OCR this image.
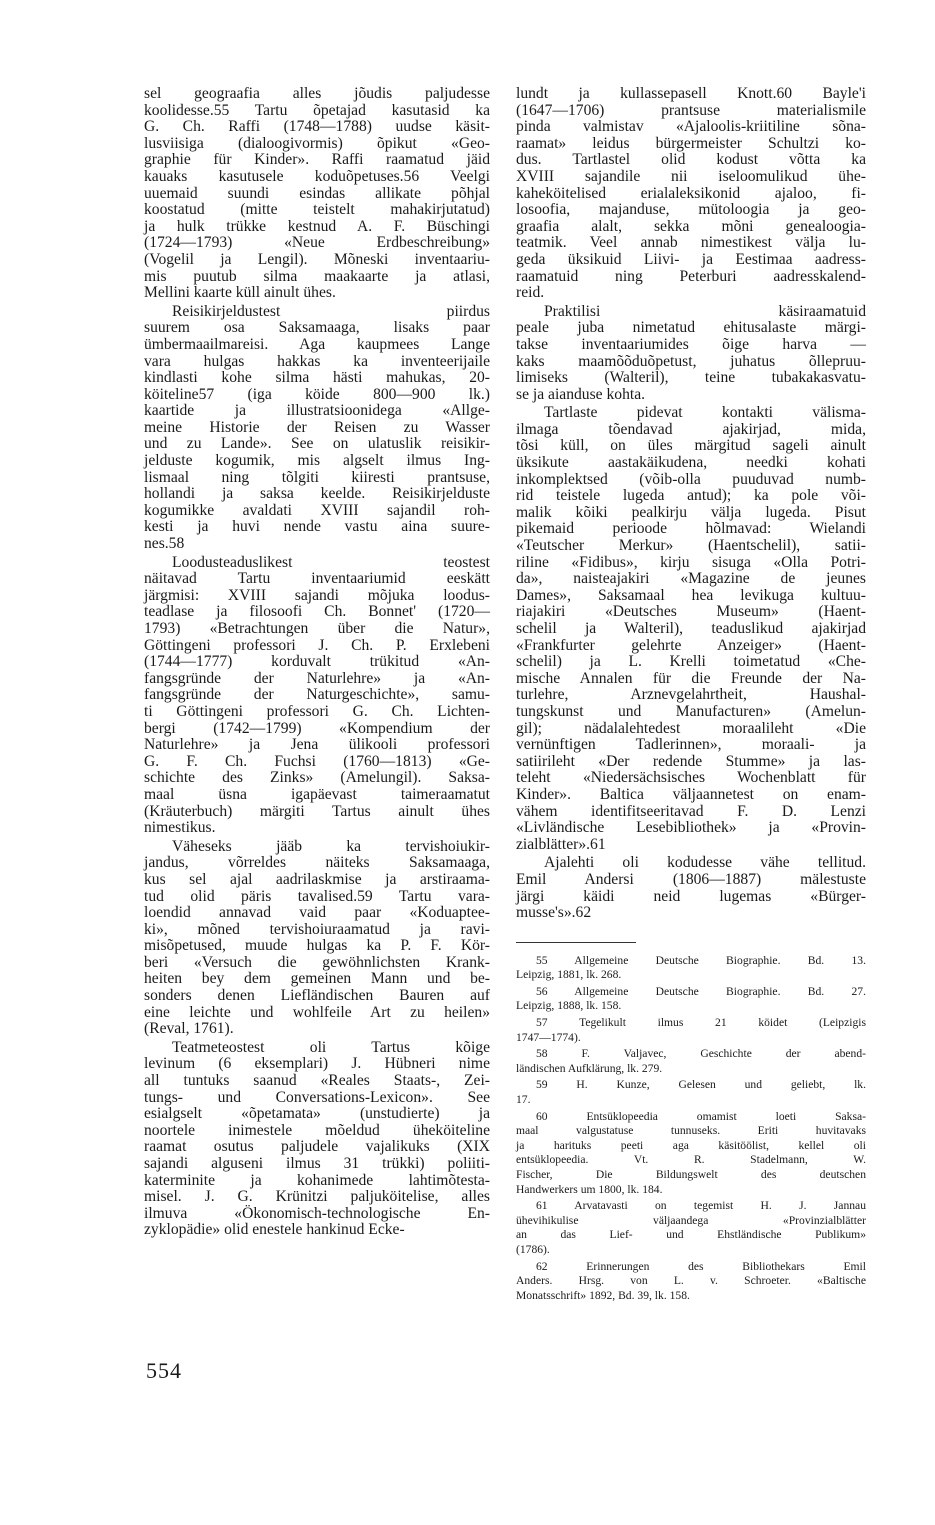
sel geograafia alles jõudis paljudesse
koolidesse.55 Tartu õpetajad kasutasid ka
G. Ch. Raffi (1748—1788) uudse käsit-
lusviisiga (dialoogivormis) õpikut «Geo-
graphie für Kinder». Raffi raamatud jäid
kauaks kasutusele koduõpetuses.56 Veelgi
uuemaid suundi esindas allikate põhjal
koostatud (mitte teistelt mahakirjutatud)
ja hulk trükke kestnud A. F. Büschingi
(1724—1793) «Neue Erdbeschreibung»
(Vogelil ja Lengil). Mõneski inventaariu-
mis puutub silma maakaarte ja atlasi,
Mellini kaarte küll ainult ühes.
Reisikirjeldustest piirdus
suurem osa Saksamaaga, lisaks paar
ümbermaailmareisi. Aga kaupmees Lange
vara hulgas hakkas ka inventeerijaile
kindlasti kohe silma hästi mahukas, 20-
köiteline57 (iga köide 800—900 lk.)
kaartide ja illustratsioonidega «Allge-
meine Historie der Reisen zu Wasser
und zu Lande». See on ulatuslik reisikir-
jelduste kogumik, mis algselt ilmus Ing-
lismaal ning tõlgiti kiiresti prantsuse,
hollandi ja saksa keelde. Reisikirjelduste
kogumikke avaldati XVIII sajandil roh-
kesti ja huvi nende vastu aina suure-
nes.58
Loodusteaduslikest teostest
näitavad Tartu inventaariumid eeskätt
järgmisi: XVIII sajandi mõjuka loodus-
teadlase ja filosoofi Ch. Bonnet' (1720—
1793) «Betrachtungen über die Natur»,
Göttingeni professori J. Ch. P. Erxlebeni
(1744—1777) korduvalt trükitud «An-
fangsgründe der Naturlehre» ja «An-
fangsgründe der Naturgeschichte», samu-
ti Göttingeni professori G. Ch. Lichten-
bergi (1742—1799) «Kompendium der
Naturlehre» ja Jena ülikooli professori
G. F. Ch. Fuchsi (1760—1813) «Ge-
schichte des Zinks» (Amelungil). Saksa-
maal üsna igapäevast taimeraamatut
(Kräuterbuch) märgiti Tartus ainult ühes
nimestikus.
Väheseks jääb ka tervishoiukir-
jandus, võrreldes näiteks Saksamaaga,
kus sel ajal aadrilaskmise ja arstiraama-
tud olid päris tavalised.59 Tartu vara-
loendid annavad vaid paar «Koduaptee-
ki», mõned tervishoiuraamatud ja ravi-
misõpetused, muude hulgas ka P. F. Kör-
beri «Versuch die gewöhnlichsten Krank-
heiten bey dem gemeinen Mann und be-
sonders denen Liefländischen Bauren auf
eine leichte und wohlfeile Art zu heilen»
(Reval, 1761).
Teatmeteostest oli Tartus kõige
levinum (6 eksemplari) J. Hübneri nime
all tuntuks saanud «Reales Staats-, Zei-
tungs- und Conversations-Lexicon». See
esialgselt «õpetamata» (unstudierte) ja
noortele inimestele mõeldud üheköiteline
raamat osutus paljudele vajalikuks (XIX
sajandi alguseni ilmus 31 trükki) poliiti-
katerminite ja kohanimede lahtimõtesta-
misel. J. G. Krünitzi paljuköitelise, alles
ilmuva «Ökonomisch-technologische En-
zyklopädie» olid enestele hankinud Ecke-
lundt ja kullassepasell Knott.60 Bayle'i
(1647—1706) prantsuse materialismile
pinda valmistav «Ajaloolis-kriitiline sõna-
raamat» leidus bürgermeister Schultzi ko-
dus. Tartlastel olid kodust võtta ka
XVIII sajandile nii iseloomulikud ühe-
kaheköitelised erialaleksikonid ajaloo, fi-
losoofia, majanduse, mütoloogia ja geo-
graafia alalt, sekka mõni genealoogia-
teatmik. Veel annab nimestikest välja lu-
geda üksikuid Liivi- ja Eestimaa aadress-
raamatuid ning Peterburi aadresskalend-
reid.
Praktilisi käsiraamatuid
peale juba nimetatud ehitusalaste märgi-
takse inventaariumides õige harva —
kaks maamõõduõpetust, juhatus õllepruu-
limiseks (Walteril), teine tubakakasvatu-
se ja aianduse kohta.
Tartlaste pidevat kontakti välisma-
ilmaga tõendavad ajakirjad, mida,
tõsi küll, on üles märgitud sageli ainult
üksikute aastakäikudena, needki kohati
inkomplektsed (võib-olla puuduvad numb-
rid teistele lugeda antud); ka pole või-
malik kõiki pealkirju välja lugeda. Pisut
pikemaid perioode hõlmavad: Wielandi
«Teutscher Merkur» (Haentschelil), satii-
riline «Fidibus», kirju sisuga «Olla Potri-
da», naisteajakiri «Magazine de jeunes
Dames», Saksamaal hea levikuga kultuu-
riajakiri «Deutsches Museum» (Haent-
schelil ja Walteril), teaduslikud ajakirjad
«Frankfurter gelehrte Anzeiger» (Haent-
schelil) ja L. Krelli toimetatud «Che-
mische Annalen für die Freunde der Na-
turlehre, Arznevgelahrtheit, Haushal-
tungskunst und Manufacturen» (Amelun-
gil); nädalalehtedest moraalileht «Die
vernünftigen Tadlerinnen», moraali- ja
satiirileht «Der redende Stumme» ja las-
teleht «Niedersächsisches Wochenblatt für
Kinder». Baltica väljaannetest on enam-
vähem identifitseeritavad F. D. Lenzi
«Livländische Lesebibliothek» ja «Provin-
zialblätter».61
Ajalehti oli kodudesse vähe tellitud.
Emil Andersi (1806—1887) mälestuste
järgi käidi neid lugemas «Bürger-
musse's».62
55 Allgemeine Deutsche Biographie. Bd. 13.
Leipzig, 1881, lk. 268.
56 Allgemeine Deutsche Biographie. Bd. 27.
Leipzig, 1888, lk. 158.
57 Tegelikult ilmus 21 köidet (Leipzigis
1747—1774).
58 F. Valjavec, Geschichte der abend-
ländischen Aufklärung, lk. 279.
59 H. Kunze, Gelesen und geliebt, lk.
17.
60 Entsüklopeedia omamist loeti Saksa-
maal valgustatuse tunnuseks. Eriti huvitavaks
ja harituks peeti aga käsitöölist, kellel oli
entsüklopeedia. Vt. R. Stadelmann, W.
Fischer, Die Bildungswelt des deutschen
Handwerkers um 1800, lk. 184.
61 Arvatavasti on tegemist H. J. Jannau
ühevihikulise väljaandega «Provinzialblätter
an das Lief- und Ehstländische Publikum»
(1786).
62 Erinnerungen des Bibliothekars Emil
Anders. Hrsg. von L. v. Schroeter. «Baltische
Monatsschrift» 1892, Bd. 39, lk. 158.
554
